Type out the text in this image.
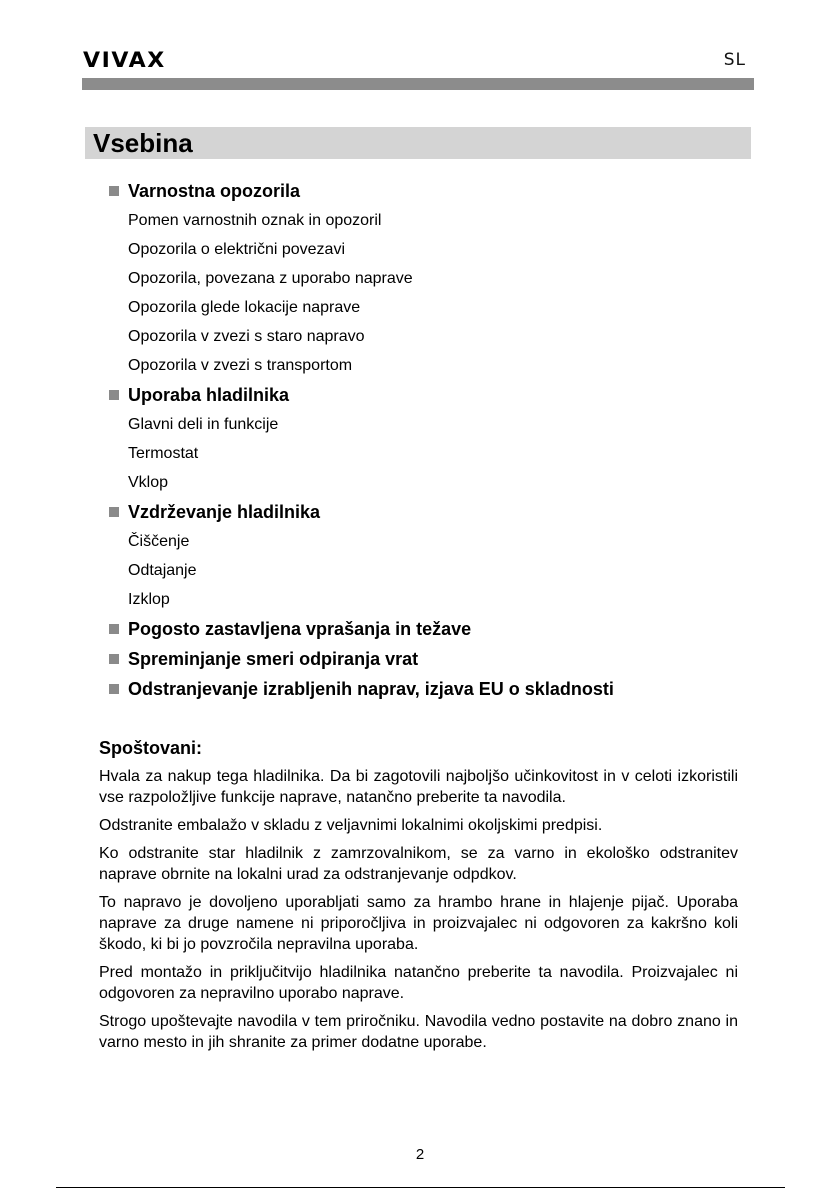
VIVAX	SL
Vsebina
Varnostna opozorila
Pomen varnostnih oznak in opozoril
Opozorila o električni povezavi
Opozorila, povezana z uporabo naprave
Opozorila glede lokacije naprave
Opozorila v zvezi s staro napravo
Opozorila v zvezi s transportom
Uporaba hladilnika
Glavni deli in funkcije
Termostat
Vklop
Vzdrževanje hladilnika
Čiščenje
Odtajanje
Izklop
Pogosto zastavljena vprašanja in težave
Spreminjanje smeri odpiranja vrat
Odstranjevanje izrabljenih naprav, izjava EU o skladnosti
Spoštovani:

Hvala za nakup tega hladilnika. Da bi zagotovili najboljšo učinkovitost in v celoti izkoristili vse razpoložljive funkcije naprave, natančno preberite ta navodila.

Odstranite embalažo v skladu z veljavnimi lokalnimi okoljskimi predpisi.

Ko odstranite star hladilnik z zamrzovalnikom, se za varno in ekološko odstranitev naprave obrnite na lokalni urad za odstranjevanje odpdkov.

To napravo je dovoljeno uporabljati samo za hrambo hrane in hlajenje pijač. Uporaba naprave za druge namene ni priporočljiva in proizvajalec ni odgovoren za kakršno koli škodo, ki bi jo povzročila nepravilna uporaba.

Pred montažo in priključitvijo hladilnika natančno preberite ta navodila. Proizvajalec ni odgovoren za nepravilno uporabo naprave.

Strogo upoštevajte navodila v tem priročniku. Navodila vedno postavite na dobro znano in varno mesto in jih shranite za primer dodatne uporabe.

2
